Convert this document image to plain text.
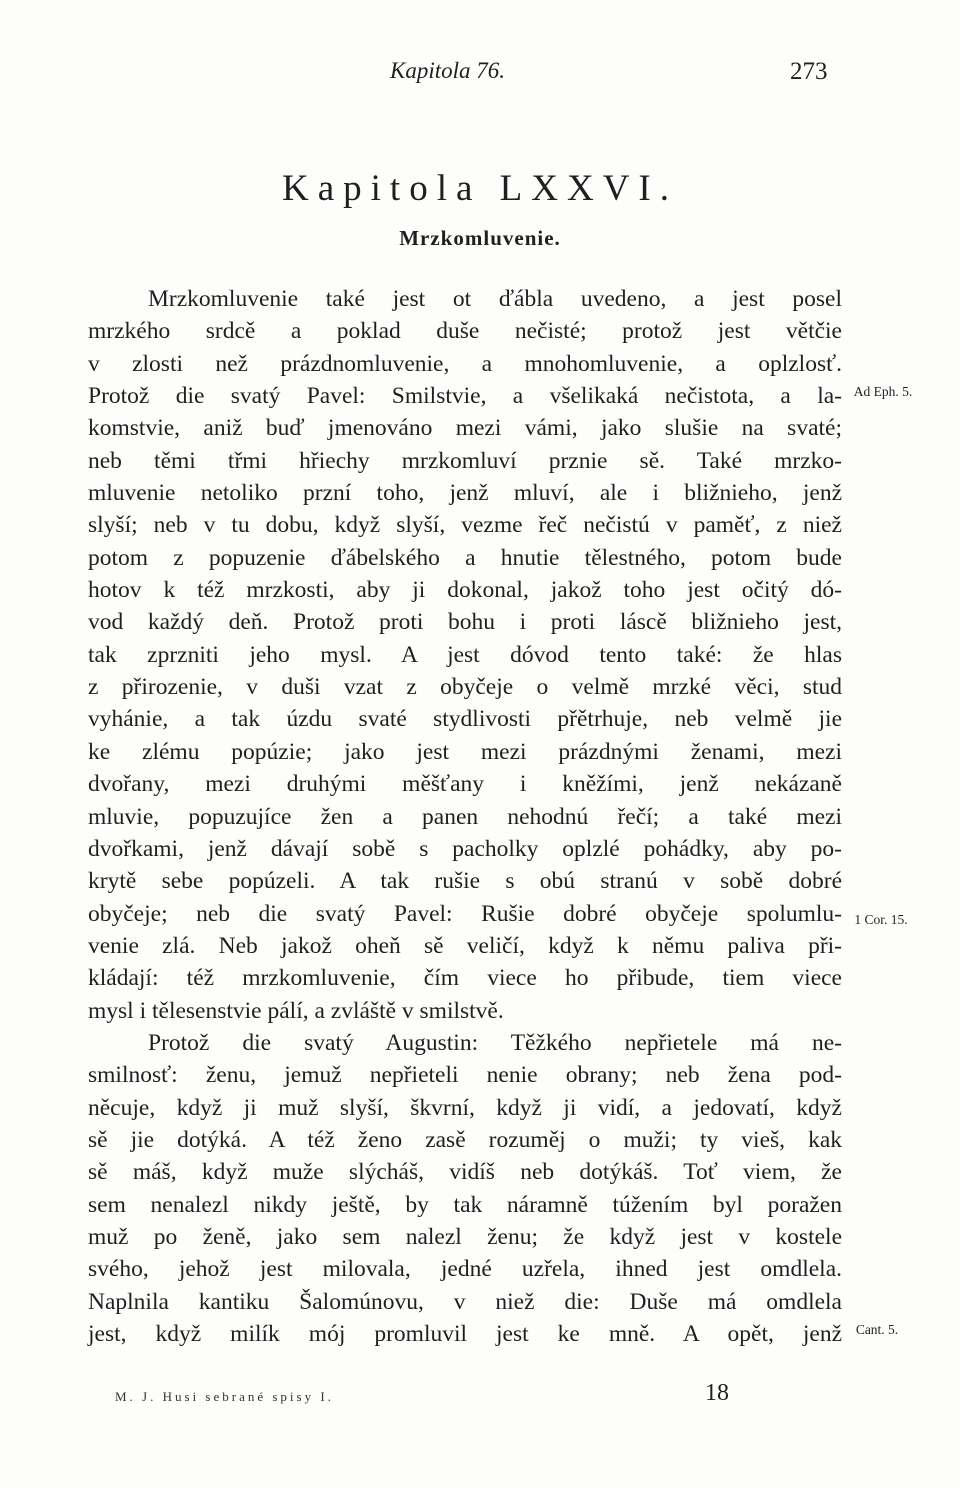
Kapitola 76.	273
Kapitola LXXVI.
Mrzkomluvenie.
Mrzkomluvenie také jest ot ďábla uvedeno, a jest posel
mrzkého srdcě a poklad duše nečisté; protož jest větčie
v zlosti než prázdnomluvenie, a mnohomluvenie, a oplzlosť.
Protož die svatý Pavel: Smilstvie, a všelikaká nečistota, a la-
komstvie, aniž buď jmenováno mezi vámi, jako slušie na svaté;
neb těmi třmi hřiechy mrzkomluví prznie sě. Také mrzko-
mluvenie netoliko przní toho, jenž mluví, ale i bližnieho, jenž
slyší; neb v tu dobu, když slyší, vezme řeč nečistú v paměť, z niež
potom z popuzenie ďábelského a hnutie tělestného, potom bude
hotov k též mrzkosti, aby ji dokonal, jakož toho jest očitý dó-
vod každý deň. Protož proti bohu i proti láscě bližnieho jest,
tak zprzniti jeho mysl. A jest dóvod tento také: že hlas
z přirozenie, v duši vzat z obyčeje o velmě mrzké věci, stud
vyhánie, a tak úzdu svaté stydlivosti přětrhuje, neb velmě jie
ke zlému popúzie; jako jest mezi prázdnými ženami, mezi
dvořany, mezi druhými měšťany i kněžími, jenž nekázaně
mluvie, popuzujíce žen a panen nehodnú řečí; a také mezi
dvořkami, jenž dávají sobě s pacholky oplzlé pohádky, aby po-
krytě sebe popúzeli. A tak rušie s obú stranú v sobě dobré
obyčeje; neb die svatý Pavel: Rušie dobré obyčeje spolumlu-
venie zlá. Neb jakož oheň sě veličí, když k němu paliva při-
kládají: též mrzkomluvenie, čím viece ho přibude, tiem viece
mysl i tělesenstvie pálí, a zvláště v smilstvě.
Protož die svatý Augustin: Těžkého nepřietele má ne-
smilnosť: ženu, jemuž nepřieteli nenie obrany; neb žena pod-
něcuje, když ji muž slyší, škvrní, když ji vidí, a jedovatí, když
sě jie dotýká. A též ženo zasě rozuměj o muži; ty vieš, kak
sě máš, když muže slýcháš, vidíš neb dotýkáš. Toť viem, že
sem nenalezl nikdy ještě, by tak náramně túžením byl poražen
muž po ženě, jako sem nalezl ženu; že když jest v kostele
svého, jehož jest milovala, jedné uzřela, ihned jest omdlela.
Naplnila kantiku Šalomúnovu, v niež die: Duše má omdlela
jest, když milík mój promluvil jest ke mně. A opět, jenž
Ad Eph. 5.
1 Cor. 15.
Cant. 5.
M. J. Husi sebrané spisy I.	18
